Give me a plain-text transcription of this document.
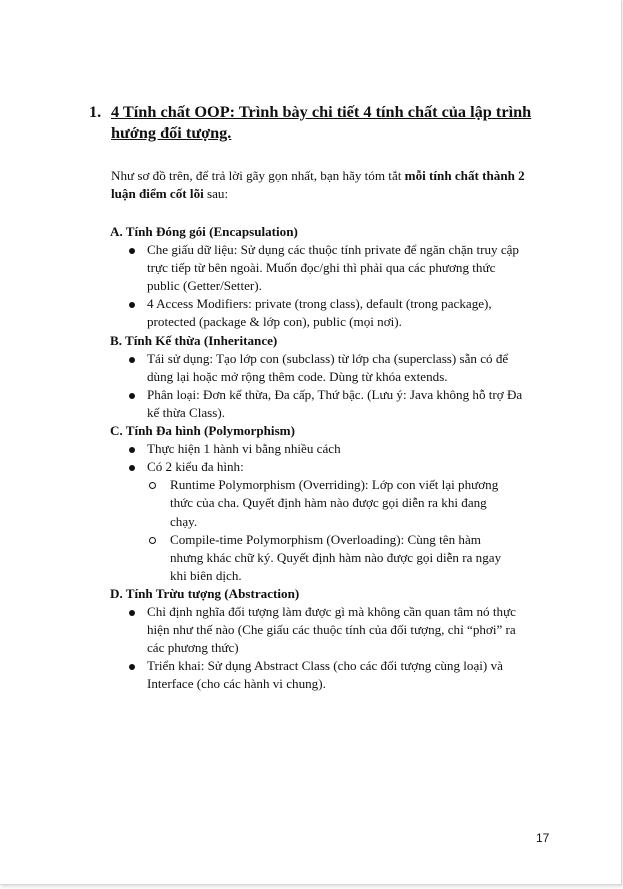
1. 4 Tính chất OOP: Trình bày chi tiết 4 tính chất của lập trình
hướng đối tượng.
Như sơ đồ trên, để trả lời gãy gọn nhất, bạn hãy tóm tắt mỗi tính chất thành 2
luận điểm cốt lõi sau:
A. Tính Đóng gói (Encapsulation)
Che giấu dữ liệu: Sử dụng các thuộc tính private để ngăn chặn truy cập
trực tiếp từ bên ngoài. Muốn đọc/ghi thì phải qua các phương thức
public (Getter/Setter).
4 Access Modifiers: private (trong class), default (trong package),
protected (package & lớp con), public (mọi nơi).
B. Tính Kế thừa (Inheritance)
Tái sử dụng: Tạo lớp con (subclass) từ lớp cha (superclass) sẵn có để
dùng lại hoặc mở rộng thêm code. Dùng từ khóa extends.
Phân loại: Đơn kế thừa, Đa cấp, Thứ bậc. (Lưu ý: Java không hỗ trợ Đa
kế thừa Class).
C. Tính Đa hình (Polymorphism)
Thực hiện 1 hành vi bằng nhiều cách
Có 2 kiểu đa hình:
Runtime Polymorphism (Overriding): Lớp con viết lại phương
thức của cha. Quyết định hàm nào được gọi diễn ra khi đang
chạy.
Compile-time Polymorphism (Overloading): Cùng tên hàm
nhưng khác chữ ký. Quyết định hàm nào được gọi diễn ra ngay
khi biên dịch.
D. Tính Trừu tượng (Abstraction)
Chỉ định nghĩa đối tượng làm được gì mà không cần quan tâm nó thực
hiện như thế nào (Che giấu các thuộc tính của đối tượng, chỉ “phơi” ra
các phương thức)
Triển khai: Sử dụng Abstract Class (cho các đối tượng cùng loại) và
Interface (cho các hành vi chung).
17
